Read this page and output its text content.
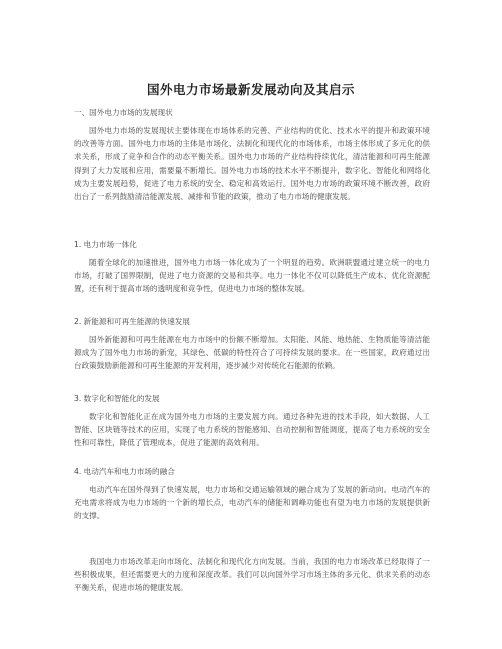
国外电力市场最新发展动向及其启示

一、国外电力市场的发展现状

国外电力市场的发展现状主要体现在市场体系的完善、产业结构的优化、技术水平的提升和政策环境的改善等方面。国外电力市场的主体是市场化、法制化和现代化的市场体系，市场主体形成了多元化的供求关系，形成了竞争和合作的动态平衡关系。国外电力市场的产业结构持续优化，清洁能源和可再生能源得到了大力发展和应用，需要量不断增长。国外电力市场的技术水平不断提升，数字化、智能化和网络化成为主要发展趋势，促进了电力系统的安全、稳定和高效运行。国外电力市场的政策环境不断改善，政府出台了一系列鼓励清洁能源发展、减排和节能的政策，推动了电力市场的健康发展。

1. 电力市场一体化

随着全球化的加速推进，国外电力市场一体化成为了一个明显的趋势。欧洲联盟通过建立统一的电力市场，打破了国界限制，促进了电力资源的交易和共享。电力一体化不仅可以降低生产成本、优化资源配置，还有利于提高市场的透明度和竞争性，促进电力市场的整体发展。

2. 新能源和可再生能源的快速发展

国外新能源和可再生能源在电力市场中的份额不断增加。太阳能、风能、地热能、生物质能等清洁能源成为了国外电力市场的新宠，其绿色、低碳的特性符合了可持续发展的要求。在一些国家，政府通过出台政策鼓励新能源和可再生能源的开发利用，逐步减少对传统化石能源的依赖。

3. 数字化和智能化的发展

数字化和智能化正在成为国外电力市场的主要发展方向。通过各种先进的技术手段，如大数据、人工智能、区块链等技术的应用，实现了电力系统的智能感知、自动控制和智能调度，提高了电力系统的安全性和可靠性，降低了管理成本，促进了能源的高效利用。

4. 电动汽车和电力市场的融合

电动汽车在国外得到了快速发展，电力市场和交通运输领域的融合成为了发展的新动向。电动汽车的充电需求将成为电力市场的一个新的增长点，电动汽车的储能和调峰功能也有望为电力市场的发展提供新的支撑。

我国电力市场改革走向市场化、法制化和现代化方向发展。当前，我国的电力市场改革已经取得了一些积极成果，但还需要更大的力度和深度改革。我们可以向国外学习市场主体的多元化、供求关系的动态平衡关系，促进市场的健康发展。
